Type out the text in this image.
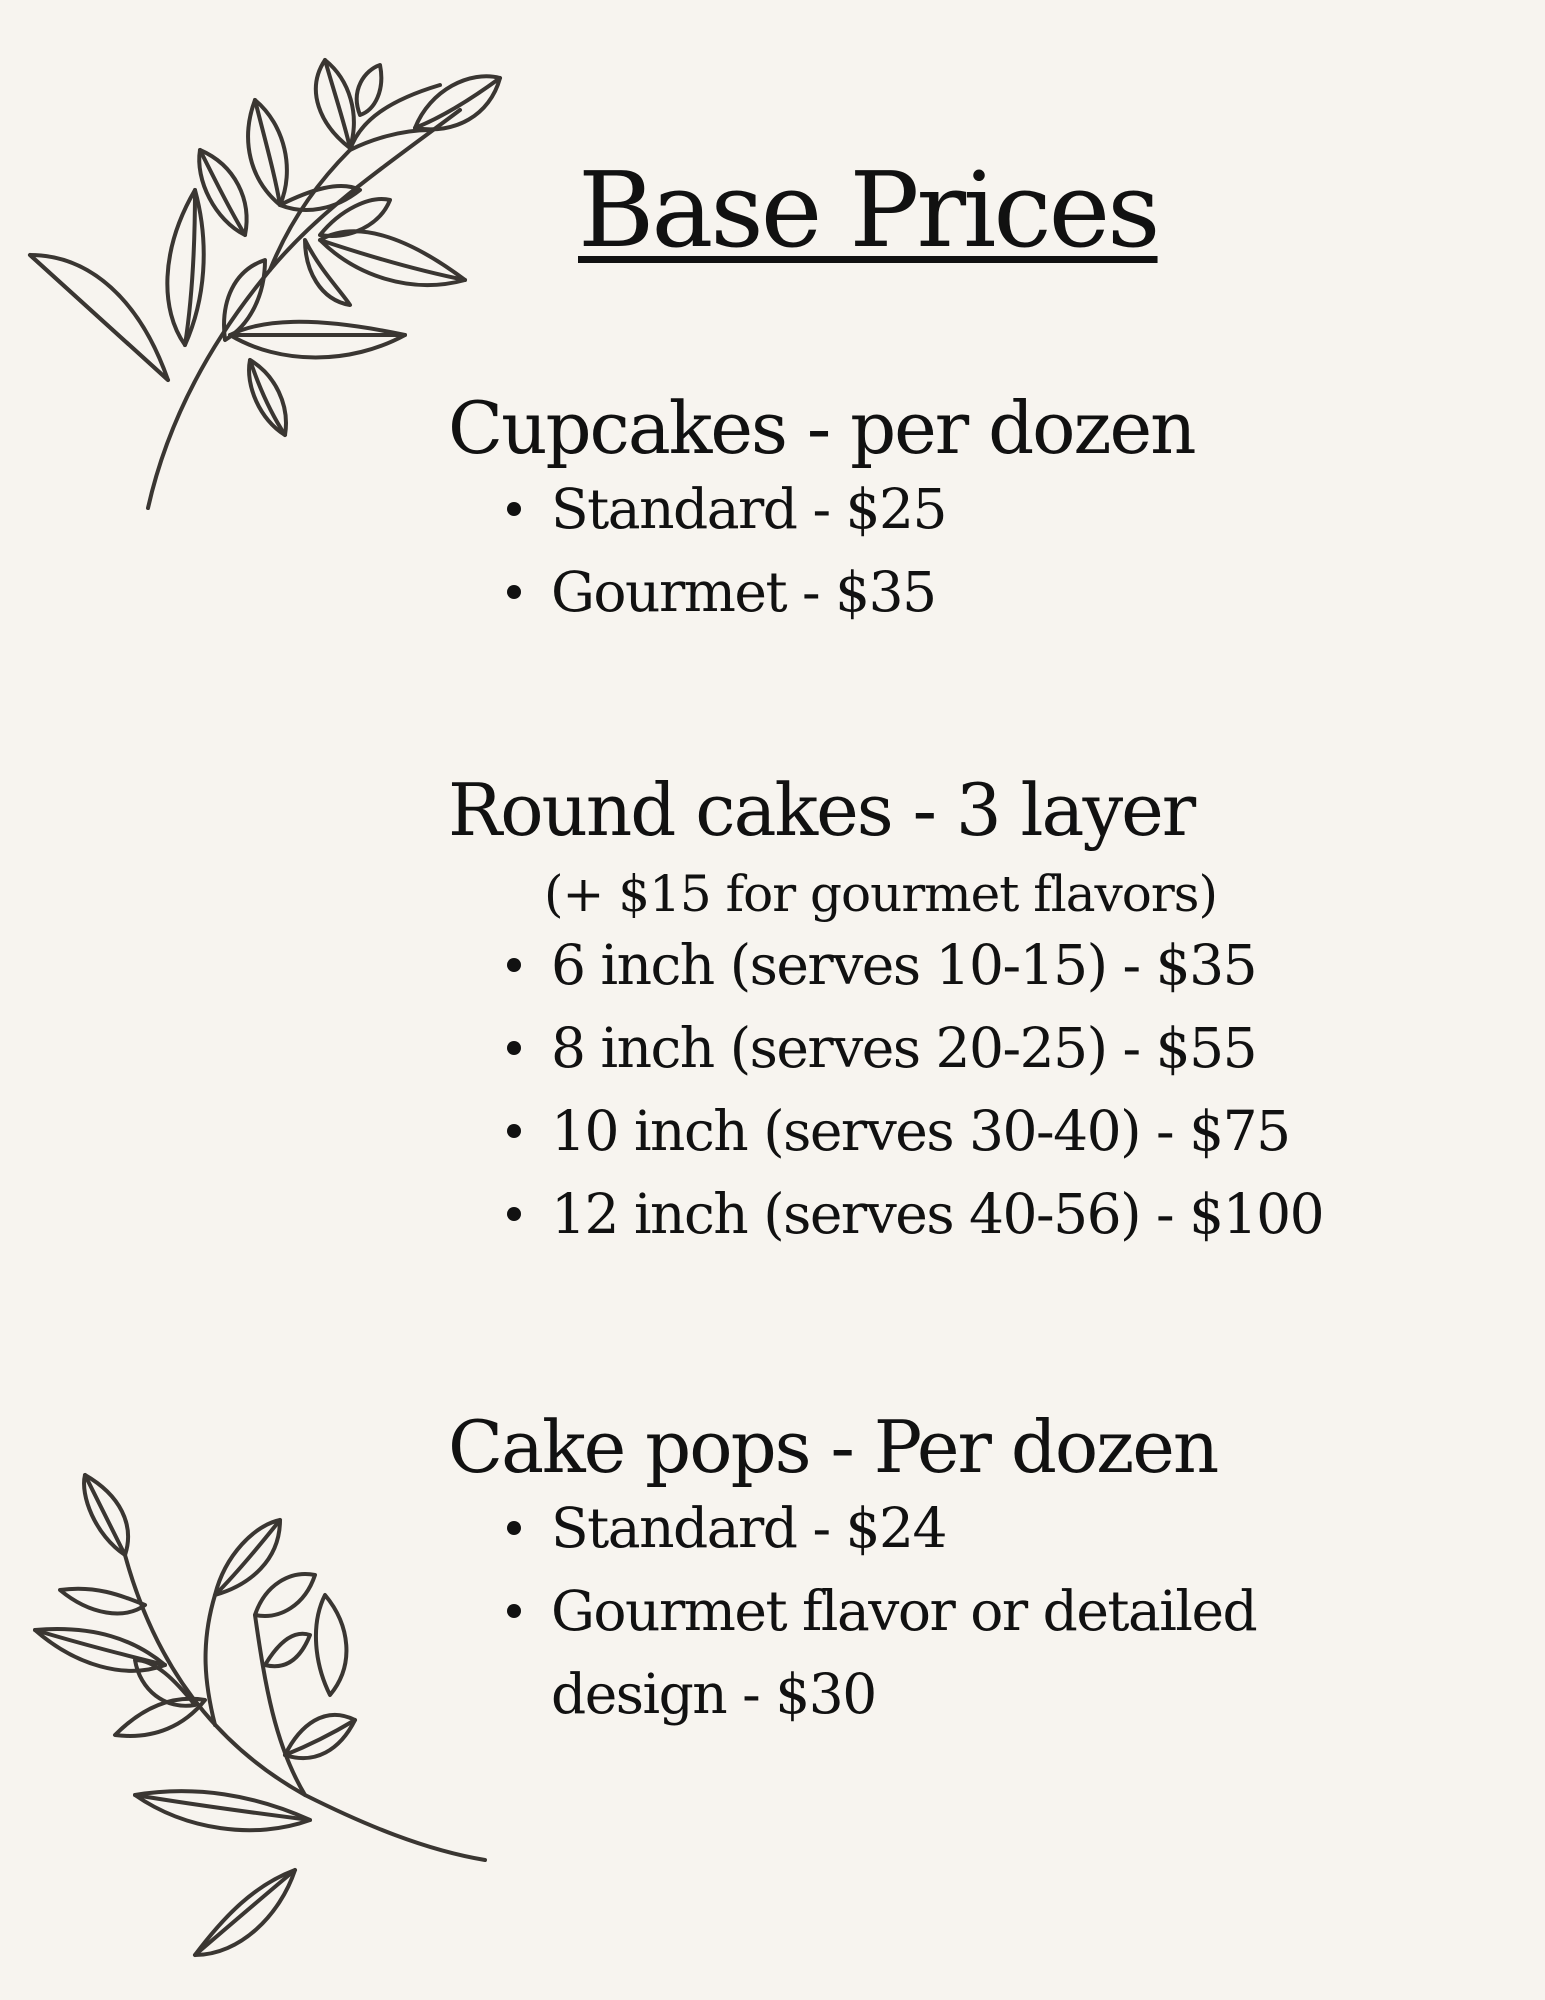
Base Prices
Cupcakes - per dozen
Standard - $25
Gourmet - $35
Round cakes - 3 layer

(+ $15 for gourmet flavors)

6 inch (serves 10-15) - $35
8 inch (serves 20-25) - $55
10 inch (serves 30-40) - $75
12 inch (serves 40-56) - $100
Cake pops - Per dozen
Standard - $24
Gourmet flavor or detailed design - $30
